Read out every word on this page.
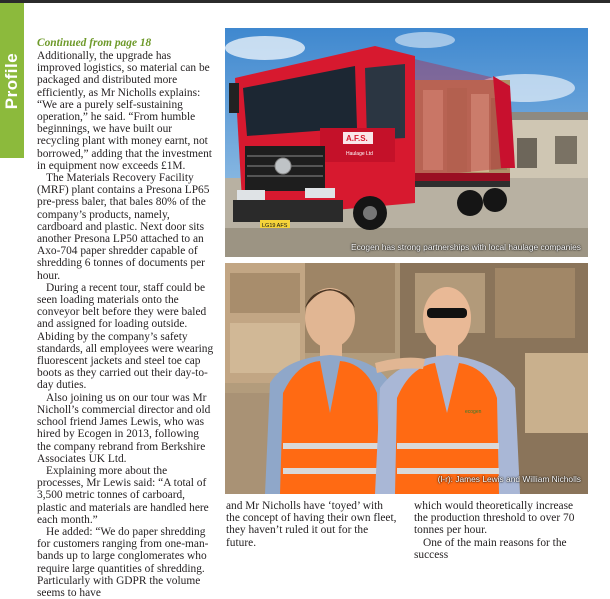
Profile
Continued from page 18

Additionally, the upgrade has improved logistics, so material can be packaged and distributed more efficiently, as Mr Nicholls explains: “We are a purely self-sustaining operation,” he said. “From humble beginnings, we have built our recycling plant with money earnt, not borrowed,” adding that the investment in equipment now exceeds £1M.

The Materials Recovery Facility (MRF) plant contains a Presona LP65 pre-press baler, that bales 80% of the company’s products, namely, cardboard and plastic. Next door sits another Presona LP50 attached to an Axo-704 paper shredder capable of shredding 6 tonnes of documents per hour.

During a recent tour, staff could be seen loading materials onto the conveyor belt before they were baled and assigned for loading outside. Abiding by the company’s safety standards, all employees were wearing fluorescent jackets and steel toe cap boots as they carried out their day-to-day duties.

Also joining us on our tour was Mr Nicholl’s commercial director and old school friend James Lewis, who was hired by Ecogen in 2013, following the company rebrand from Berkshire Associates UK Ltd.

Explaining more about the processes, Mr Lewis said: “A total of 3,500 metric tonnes of carboard, plastic and materials are handled here each month.”

He added: “We do paper shredding for customers ranging from one-man-bands up to large conglomerates who require large quantities of shredding. Particularly with GDPR the volume seems to have

A.F.S.
Haulage Ltd
LG19 AFS
Ecogen has strong partnerships with local haulage companies
ecogen
(l-r): James Lewis and William Nicholls

and Mr Nicholls have ‘toyed’ with the concept of having their own fleet, they haven’t ruled it out for the future.

which would theoretically increase the production threshold to over 70 tonnes per hour.

One of the main reasons for the success
